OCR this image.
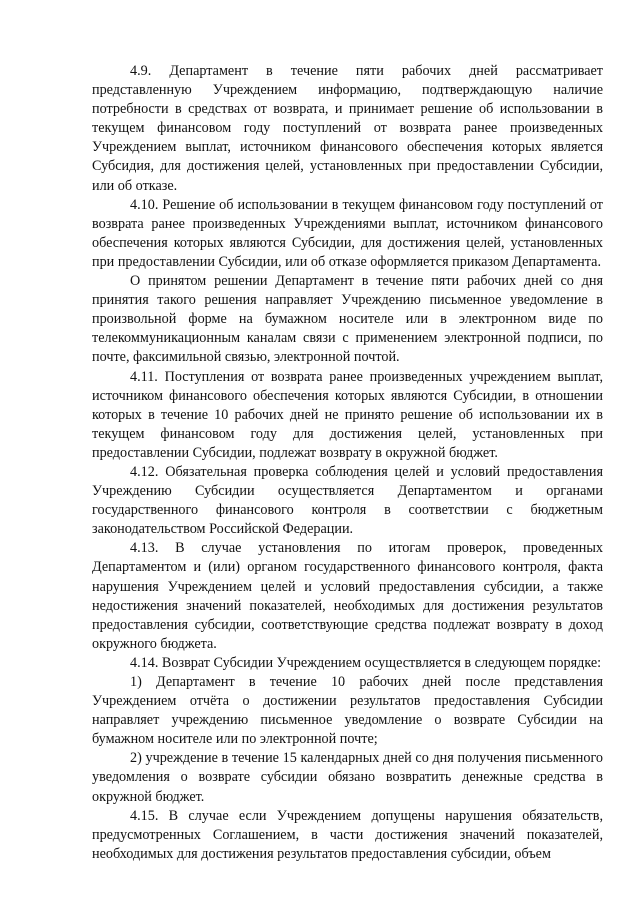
4.9. Департамент в течение пяти рабочих дней рассматривает представленную Учреждением информацию, подтверждающую наличие потребности в средствах от возврата, и принимает решение об использовании в текущем финансовом году поступлений от возврата ранее произведенных Учреждением выплат, источником финансового обеспечения которых является Субсидия, для достижения целей, установленных при предоставлении Субсидии, или об отказе.

4.10. Решение об использовании в текущем финансовом году поступлений от возврата ранее произведенных Учреждениями выплат, источником финансового обеспечения которых являются Субсидии, для достижения целей, установленных при предоставлении Субсидии, или об отказе оформляется приказом Департамента.

О принятом решении Департамент в течение пяти рабочих дней со дня принятия такого решения направляет Учреждению письменное уведомление в произвольной форме на бумажном носителе или в электронном виде по телекоммуникационным каналам связи с применением электронной подписи, по почте, факсимильной связью, электронной почтой.

4.11. Поступления от возврата ранее произведенных учреждением выплат, источником финансового обеспечения которых являются Субсидии, в отношении которых в течение 10 рабочих дней не принято решение об использовании их в текущем финансовом году для достижения целей, установленных при предоставлении Субсидии, подлежат возврату в окружной бюджет.

4.12. Обязательная проверка соблюдения целей и условий предоставления Учреждению Субсидии осуществляется Департаментом и органами государственного финансового контроля в соответствии с бюджетным законодательством Российской Федерации.

4.13. В случае установления по итогам проверок, проведенных Департаментом и (или) органом государственного финансового контроля, факта нарушения Учреждением целей и условий предоставления субсидии, а также недостижения значений показателей, необходимых для достижения результатов предоставления субсидии, соответствующие средства подлежат возврату в доход окружного бюджета.

4.14. Возврат Субсидии Учреждением осуществляется в следующем порядке:

1) Департамент в течение 10 рабочих дней после представления Учреждением отчёта о достижении результатов предоставления Субсидии направляет учреждению письменное уведомление о возврате Субсидии на бумажном носителе или по электронной почте;

2) учреждение в течение 15 календарных дней со дня получения письменного уведомления о возврате субсидии обязано возвратить денежные средства в окружной бюджет.

4.15. В случае если Учреждением допущены нарушения обязательств, предусмотренных Соглашением, в части достижения значений показателей, необходимых для достижения результатов предоставления субсидии, объем
